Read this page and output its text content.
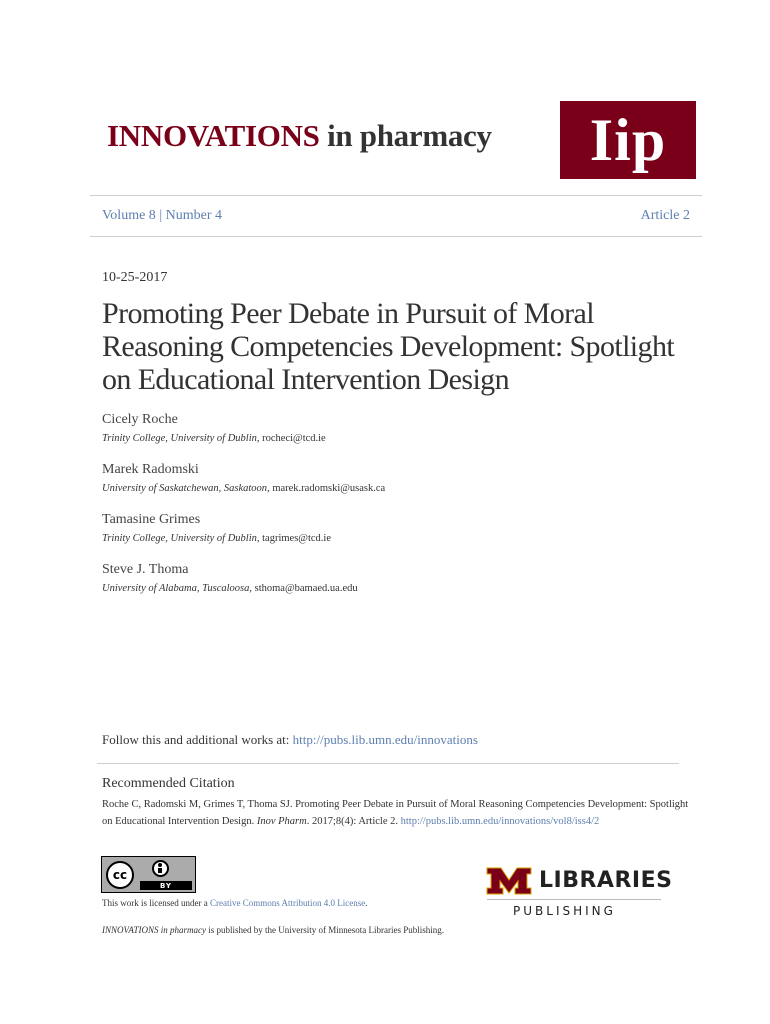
INNOVATIONS in pharmacy Iip
Volume 8 | Number 4	Article 2
10-25-2017
Promoting Peer Debate in Pursuit of Moral Reasoning Competencies Development: Spotlight on Educational Intervention Design

Cicely Roche

Trinity College, University of Dublin, rocheci@tcd.ie

Marek Radomski

University of Saskatchewan, Saskatoon, marek.radomski@usask.ca

Tamasine Grimes

Trinity College, University of Dublin, tagrimes@tcd.ie

Steve J. Thoma

University of Alabama, Tuscaloosa, sthoma@bamaed.ua.edu

Follow this and additional works at: http://pubs.lib.umn.edu/innovations
Recommended Citation
Roche C, Radomski M, Grimes T, Thoma SJ. Promoting Peer Debate in Pursuit of Moral Reasoning Competencies Development: Spotlight on Educational Intervention Design. Inov Pharm. 2017;8(4): Article 2. http://pubs.lib.umn.edu/innovations/vol8/iss4/2
cc
BY
This work is licensed under a Creative Commons Attribution 4.0 License.
INNOVATIONS in pharmacy is published by the University of Minnesota Libraries Publishing.
LIBRARIES
PUBLISHING
